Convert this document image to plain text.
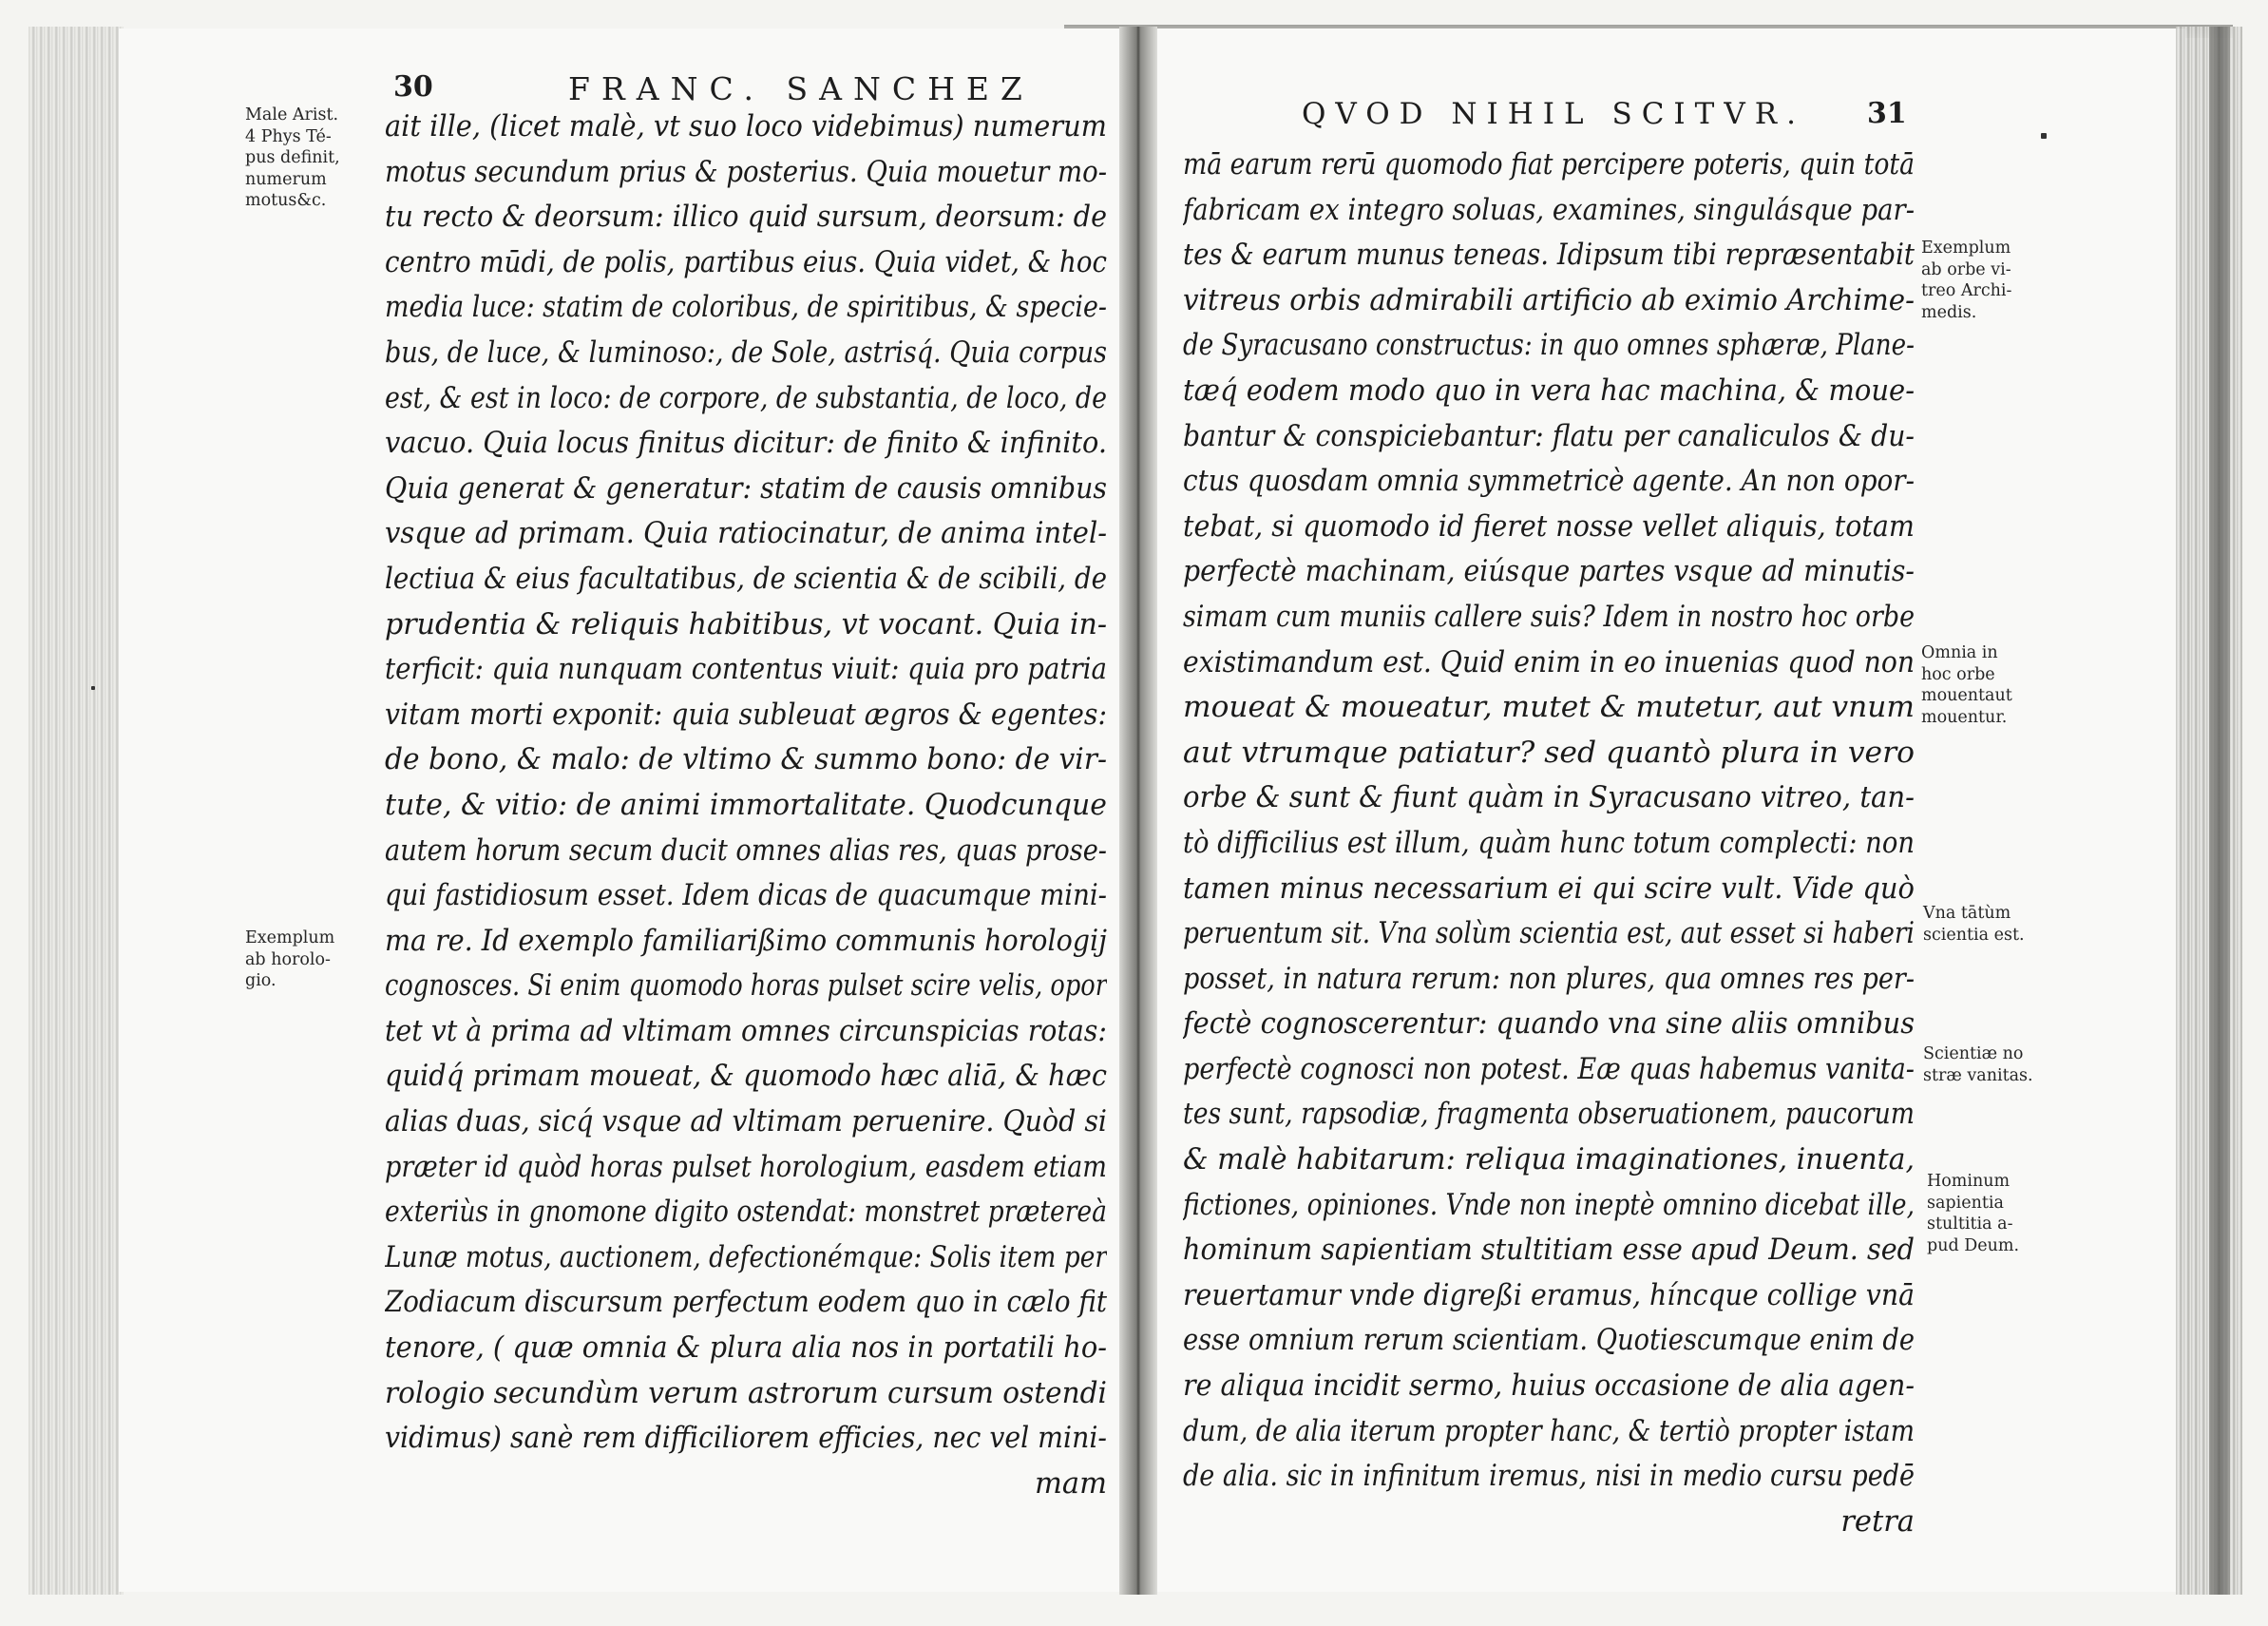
30	FRANC. SANCHEZ
QVOD NIHIL SCITVR. 31
Male Arist.
4 Phys Té-
pus definit,
numerum
motus&c.
Exemplum
ab horolo-
gio.
ait ille, (licet malè, vt suo loco videbimus) numerum
motus secundum prius & posterius. Quia mouetur mo-
tu recto & deorsum: illico quid sursum, deorsum: de
centro mūdi, de polis, partibus eius. Quia videt, & hoc
media luce: statim de coloribus, de spiritibus, & specie-
bus, de luce, & luminoso:, de Sole, astrisq́. Quia corpus
est, & est in loco: de corpore, de substantia, de loco, de
vacuo. Quia locus finitus dicitur: de finito & infinito.
Quia generat & generatur: statim de causis omnibus
vsque ad primam. Quia ratiocinatur, de anima intel-
lectiua & eius facultatibus, de scientia & de scibili, de
prudentia & reliquis habitibus, vt vocant. Quia in-
terficit: quia nunquam contentus viuit: quia pro patria
vitam morti exponit: quia subleuat ægros & egentes:
de bono, & malo: de vltimo & summo bono: de vir-
tute, & vitio: de animi immortalitate. Quodcunque
autem horum secum ducit omnes alias res, quas prose-
qui fastidiosum esset. Idem dicas de quacumque mini-
ma re. Id exemplo familiarißimo communis horologij
cognosces. Si enim quomodo horas pulset scire velis, opor
tet vt à prima ad vltimam omnes circunspicias rotas:
quidq́ primam moueat, & quomodo hæc aliā, & hæc
alias duas, sicq́ vsque ad vltimam peruenire. Quòd si
præter id quòd horas pulset horologium, easdem etiam
exteriùs in gnomone digito ostendat: monstret prætereà
Lunæ motus, auctionem, defectionémque: Solis item per
Zodiacum discursum perfectum eodem quo in cælo fit
tenore, ( quæ omnia & plura alia nos in portatili ho-
rologio secundùm verum astrorum cursum ostendi
vidimus) sanè rem difficiliorem efficies, nec vel mini-
mam
mā earum rerū quomodo fiat percipere poteris, quin totā
fabricam ex integro soluas, examines, singulásque par-
tes & earum munus teneas. Idipsum tibi repræsentabit
vitreus orbis admirabili artificio ab eximio Archime-
de Syracusano constructus: in quo omnes sphæræ, Plane-
tæq́ eodem modo quo in vera hac machina, & moue-
bantur & conspiciebantur: flatu per canaliculos & du-
ctus quosdam omnia symmetricè agente. An non opor-
tebat, si quomodo id fieret nosse vellet aliquis, totam
perfectè machinam, eiúsque partes vsque ad minutis-
simam cum muniis callere suis? Idem in nostro hoc orbe
existimandum est. Quid enim in eo inuenias quod non
moueat & moueatur, mutet & mutetur, aut vnum
aut vtrumque patiatur? sed quantò plura in vero
orbe & sunt & fiunt quàm in Syracusano vitreo, tan-
tò difficilius est illum, quàm hunc totum complecti: non
tamen minus necessarium ei qui scire vult. Vide quò
peruentum sit. Vna solùm scientia est, aut esset si haberi
posset, in natura rerum: non plures, qua omnes res per-
fectè cognoscerentur: quando vna sine aliis omnibus
perfectè cognosci non potest. Eæ quas habemus vanita-
tes sunt, rapsodiæ, fragmenta obseruationem, paucorum
& malè habitarum: reliqua imaginationes, inuenta,
fictiones, opiniones. Vnde non ineptè omnino dicebat ille,
hominum sapientiam stultitiam esse apud Deum. sed
reuertamur vnde digreßi eramus, hı́ncque collige vnā
esse omnium rerum scientiam. Quotiescumque enim de
re aliqua incidit sermo, huius occasione de alia agen-
dum, de alia iterum propter hanc, & tertiò propter istam
de alia. sic in infinitum iremus, nisi in medio cursu pedē
retra
Exemplum
ab orbe vi-
treo Archi-
medis.
Omnia in
hoc orbe
mouentaut
mouentur.
Vna tātùm
scientia est.
Scientiæ no
stræ vanitas.
Hominum
sapientia
stultitia a-
pud Deum.
